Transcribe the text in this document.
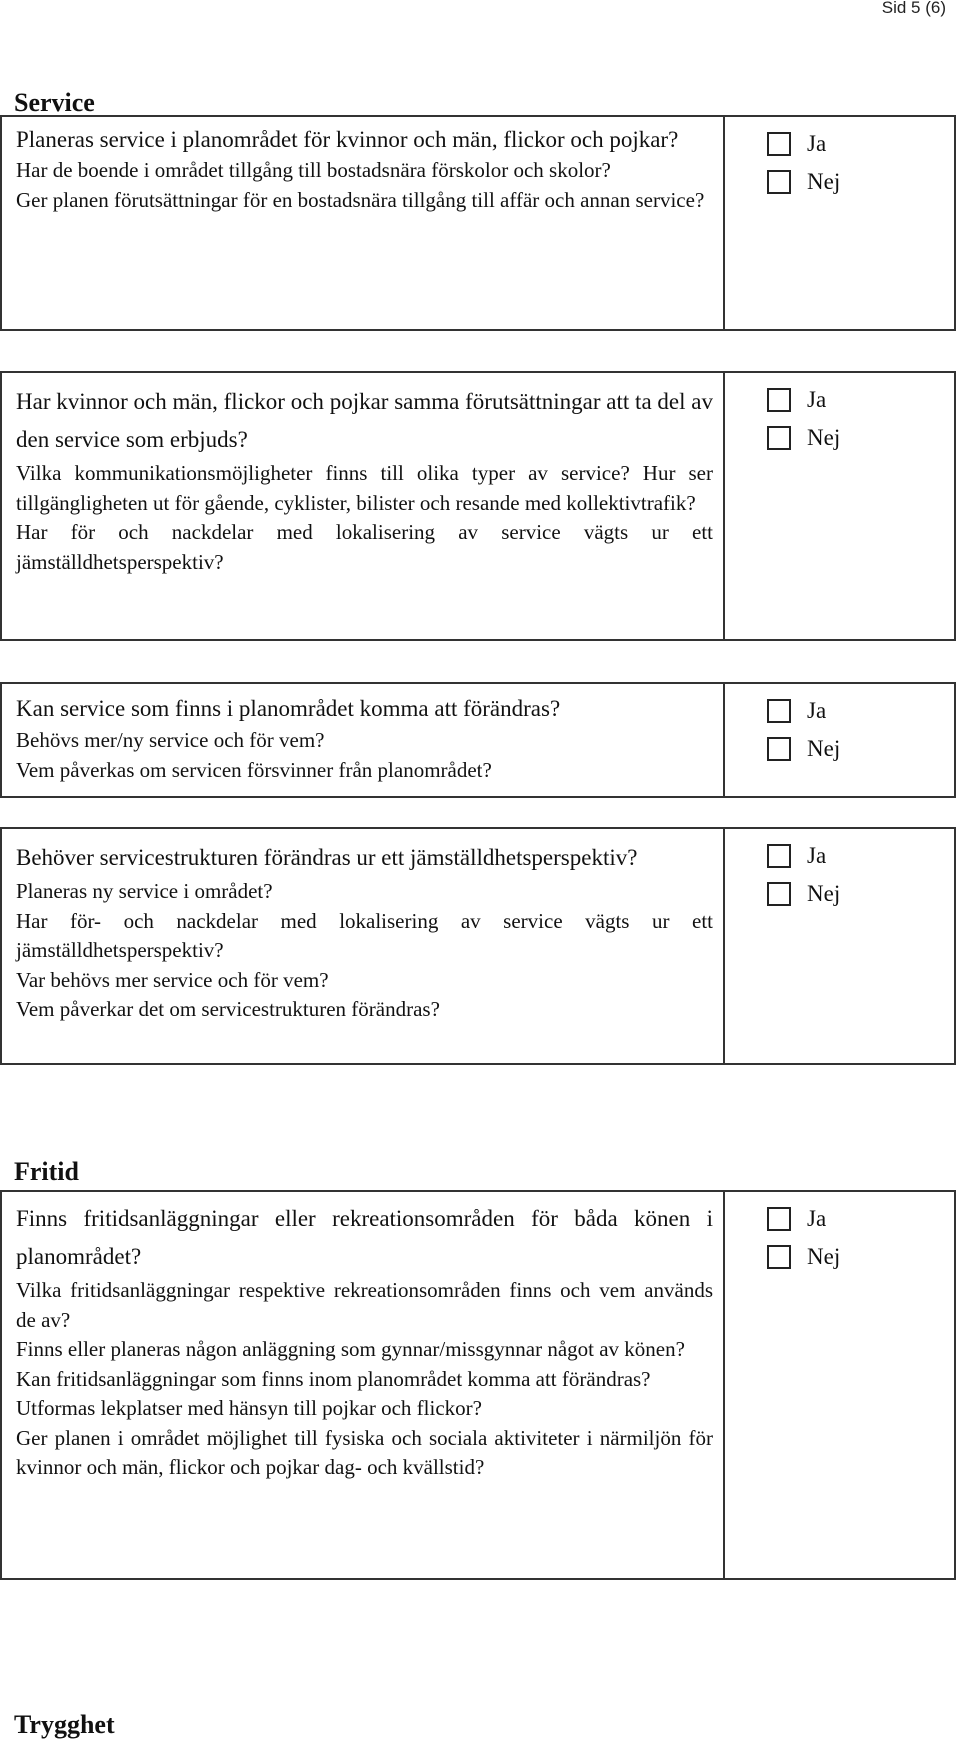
Sid 5 (6)
Service

Planeras service i planområdet för kvinnor och män, flickor och pojkar?

Har de boende i området tillgång till bostadsnära förskolor och skolor?

Ger planen förutsättningar för en bostadsnära tillgång till affär och annan service?

Ja
Nej

Har kvinnor och män, flickor och pojkar samma förutsättningar att ta del av den service som erbjuds?

Vilka kommunikationsmöjligheter finns till olika typer av service? Hur ser tillgängligheten ut för gående, cyklister, bilister och resande med kollektivtrafik?

Har för och nackdelar med lokalisering av service vägts ur ett jämställdhetsperspektiv?

Ja
Nej

Kan service som finns i planområdet komma att förändras?

Behövs mer/ny service och för vem?

Vem påverkas om servicen försvinner från planområdet?

Ja
Nej

Behöver servicestrukturen förändras ur ett jämställdhetsperspektiv?

Planeras ny service i området?

Har för- och nackdelar med lokalisering av service vägts ur ett jämställdhetsperspektiv?

Var behövs mer service och för vem?

Vem påverkar det om servicestrukturen förändras?

Ja
Nej
Fritid

Finns fritidsanläggningar eller rekreationsområden för båda könen i planområdet?

Vilka fritidsanläggningar respektive rekreationsområden finns och vem används de av?

Finns eller planeras någon anläggning som gynnar/missgynnar något av könen?

Kan fritidsanläggningar som finns inom planområdet komma att förändras?

Utformas lekplatser med hänsyn till pojkar och flickor?

Ger planen i området möjlighet till fysiska och sociala aktiviteter i närmiljön för kvinnor och män, flickor och pojkar dag- och kvällstid?

Ja
Nej
Trygghet
